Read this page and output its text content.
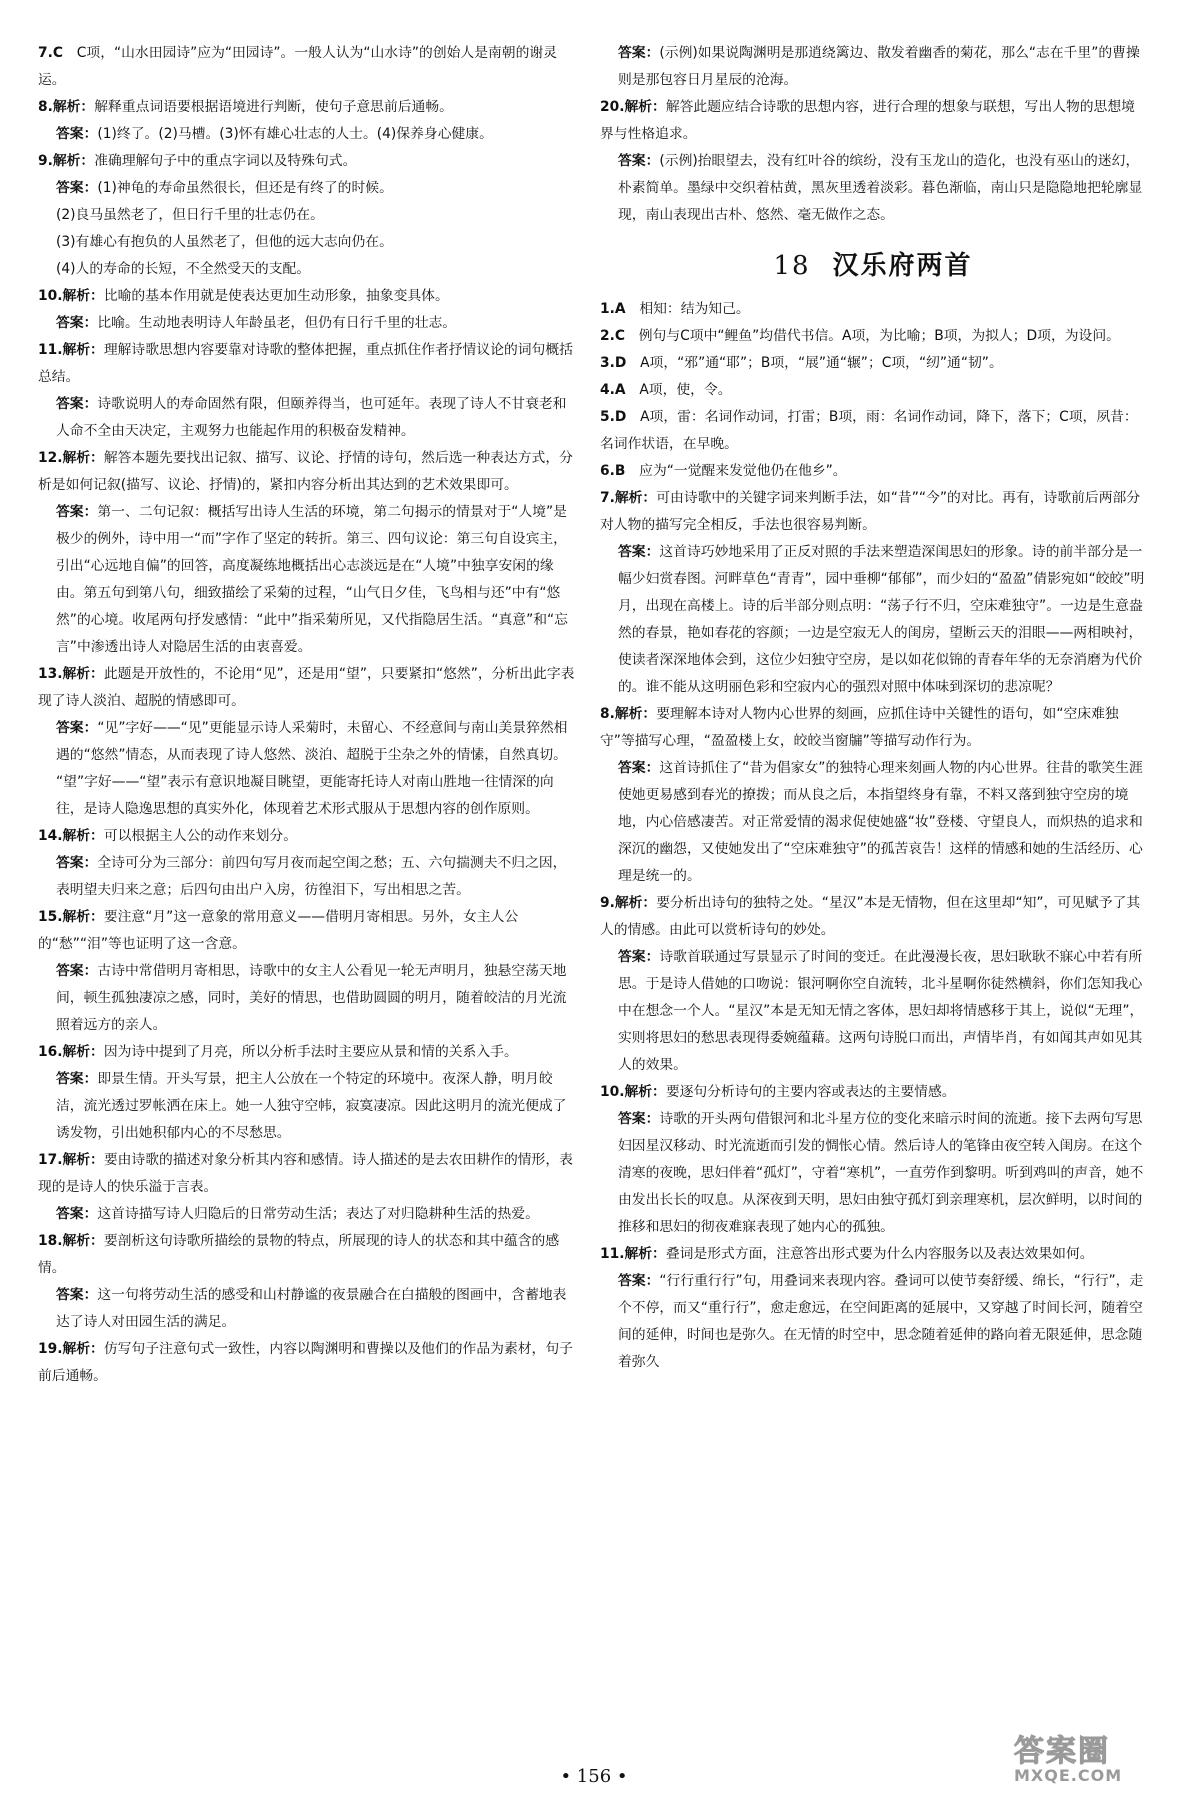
7.C  C项，“山水田园诗”应为“田园诗”。一般人认为“山水诗”的创始人是南朝的谢灵运。

8.解析：解释重点词语要根据语境进行判断，使句子意思前后通畅。

答案：(1)终了。(2)马槽。(3)怀有雄心壮志的人士。(4)保养身心健康。

9.解析：准确理解句子中的重点字词以及特殊句式。

答案：(1)神龟的寿命虽然很长，但还是有终了的时候。

(2)良马虽然老了，但日行千里的壮志仍在。

(3)有雄心有抱负的人虽然老了，但他的远大志向仍在。

(4)人的寿命的长短，不全然受天的支配。

10.解析：比喻的基本作用就是使表达更加生动形象，抽象变具体。

答案：比喻。生动地表明诗人年龄虽老，但仍有日行千里的壮志。

11.解析：理解诗歌思想内容要靠对诗歌的整体把握，重点抓住作者抒情议论的词句概括总结。

答案：诗歌说明人的寿命固然有限，但颐养得当，也可延年。表现了诗人不甘衰老和人命不全由天决定，主观努力也能起作用的积极奋发精神。

12.解析：解答本题先要找出记叙、描写、议论、抒情的诗句，然后选一种表达方式，分析是如何记叙(描写、议论、抒情)的，紧扣内容分析出其达到的艺术效果即可。

答案：第一、二句记叙：概括写出诗人生活的环境，第二句揭示的情景对于“人境”是极少的例外，诗中用一“而”字作了坚定的转折。第三、四句议论：第三句自设宾主，引出“心远地自偏”的回答，高度凝练地概括出心志淡远是在“人境”中独享安闲的缘由。第五句到第八句，细致描绘了采菊的过程，“山气日夕佳，飞鸟相与还”中有“悠然”的心境。收尾两句抒发感情：“此中”指采菊所见，又代指隐居生活。“真意”和“忘言”中渗透出诗人对隐居生活的由衷喜爱。

13.解析：此题是开放性的，不论用“见”，还是用“望”，只要紧扣“悠然”，分析出此字表现了诗人淡泊、超脱的情感即可。

答案：“见”字好——“见”更能显示诗人采菊时，未留心、不经意间与南山美景猝然相遇的“悠然”情态，从而表现了诗人悠然、淡泊、超脱于尘杂之外的情愫，自然真切。

“望”字好——“望”表示有意识地凝目眺望，更能寄托诗人对南山胜地一往情深的向往，是诗人隐逸思想的真实外化，体现着艺术形式服从于思想内容的创作原则。

14.解析：可以根据主人公的动作来划分。

答案：全诗可分为三部分：前四句写月夜而起空闺之愁；五、六句揣测夫不归之因，表明望夫归来之意；后四句由出户入房，彷徨泪下，写出相思之苦。

15.解析：要注意“月”这一意象的常用意义——借明月寄相思。另外，女主人公的“愁”“泪”等也证明了这一含意。

答案：古诗中常借明月寄相思，诗歌中的女主人公看见一轮无声明月，独悬空荡天地间，顿生孤独凄凉之感，同时，美好的情思，也借助圆圆的明月，随着皎洁的月光流照着远方的亲人。

16.解析：因为诗中提到了月亮，所以分析手法时主要应从景和情的关系入手。

答案：即景生情。开头写景，把主人公放在一个特定的环境中。夜深人静，明月皎洁，流光透过罗帐洒在床上。她一人独守空帏，寂寞凄凉。因此这明月的流光便成了诱发物，引出她积郁内心的不尽愁思。

17.解析：要由诗歌的描述对象分析其内容和感情。诗人描述的是去农田耕作的情形，表现的是诗人的快乐溢于言表。

答案：这首诗描写诗人归隐后的日常劳动生活；表达了对归隐耕种生活的热爱。

18.解析：要剖析这句诗歌所描绘的景物的特点，所展现的诗人的状态和其中蕴含的感情。

答案：这一句将劳动生活的感受和山村静谧的夜景融合在白描般的图画中，含蓄地表达了诗人对田园生活的满足。

19.解析：仿写句子注意句式一致性，内容以陶渊明和曹操以及他们的作品为素材，句子前后通畅。

答案：(示例)如果说陶渊明是那逍绕篱边、散发着幽香的菊花，那么“志在千里”的曹操则是那包容日月星辰的沧海。

20.解析：解答此题应结合诗歌的思想内容，进行合理的想象与联想，写出人物的思想境界与性格追求。

答案：(示例)抬眼望去，没有红叶谷的缤纷，没有玉龙山的造化，也没有巫山的迷幻，朴素简单。墨绿中交织着枯黄，黑灰里透着淡彩。暮色渐临，南山只是隐隐地把轮廓显现，南山表现出古朴、悠然、毫无做作之态。

18 汉乐府两首

1.A  相知：结为知己。

2.C  例句与C项中“鲤鱼”均借代书信。A项，为比喻；B项，为拟人；D项，为设问。

3.D  A项，“邪”通“耶”；B项，“展”通“辗”；C项，“纫”通“韧”。

4.A  A项，使，令。

5.D  A项，雷：名词作动词，打雷；B项，雨：名词作动词，降下，落下；C项，夙昔：名词作状语，在早晚。

6.B  应为“一觉醒来发觉他仍在他乡”。

7.解析：可由诗歌中的关键字词来判断手法，如“昔”“今”的对比。再有，诗歌前后两部分对人物的描写完全相反，手法也很容易判断。

答案：这首诗巧妙地采用了正反对照的手法来塑造深闺思妇的形象。诗的前半部分是一幅少妇赏春图。河畔草色“青青”，园中垂柳“郁郁”，而少妇的“盈盈”倩影宛如“皎皎”明月，出现在高楼上。诗的后半部分则点明：“荡子行不归，空床难独守”。一边是生意盎然的春景，艳如春花的容颜；一边是空寂无人的闺房，望断云天的泪眼——两相映衬，使读者深深地体会到，这位少妇独守空房，是以如花似锦的青春年华的无奈消磨为代价的。谁不能从这明丽色彩和空寂内心的强烈对照中体味到深切的悲凉呢？

8.解析：要理解本诗对人物内心世界的刻画，应抓住诗中关键性的语句，如“空床难独守”等描写心理，“盈盈楼上女，皎皎当窗牖”等描写动作行为。

答案：这首诗抓住了“昔为倡家女”的独特心理来刻画人物的内心世界。往昔的歌笑生涯使她更易感到春光的撩拨；而从良之后，本指望终身有靠，不料又落到独守空房的境地，内心倍感凄苦。对正常爱情的渴求促使她盛“妆”登楼、守望良人，而炽热的追求和深沉的幽怨，又使她发出了“空床难独守”的孤苦哀告！这样的情感和她的生活经历、心理是统一的。

9.解析：要分析出诗句的独特之处。“星汉”本是无情物，但在这里却“知”，可见赋予了其人的情感。由此可以赏析诗句的妙处。

答案：诗歌首联通过写景显示了时间的变迁。在此漫漫长夜，思妇耿耿不寐心中若有所思。于是诗人借她的口吻说：银河啊你空自流转，北斗星啊你徒然横斜，你们怎知我心中在想念一个人。“星汉”本是无知无情之客体，思妇却将情感移于其上，说似“无理”，实则将思妇的愁思表现得委婉蕴藉。这两句诗脱口而出，声情毕肖，有如闻其声如见其人的效果。

10.解析：要逐句分析诗句的主要内容或表达的主要情感。

答案：诗歌的开头两句借银河和北斗星方位的变化来暗示时间的流逝。接下去两句写思妇因星汉移动、时光流逝而引发的惆怅心情。然后诗人的笔锋由夜空转入闺房。在这个清寒的夜晚，思妇伴着“孤灯”，守着“寒机”，一直劳作到黎明。听到鸡叫的声音，她不由发出长长的叹息。从深夜到天明，思妇由独守孤灯到亲理寒机，层次鲜明，以时间的推移和思妇的彻夜难寐表现了她内心的孤独。

11.解析：叠词是形式方面，注意答出形式要为什么内容服务以及表达效果如何。

答案：“行行重行行”句，用叠词来表现内容。叠词可以使节奏舒缓、绵长，“行行”，走个不停，而又“重行行”，愈走愈远，在空间距离的延展中，又穿越了时间长河，随着空间的延伸，时间也是弥久。在无情的时空中，思念随着延伸的路向着无限延伸，思念随着弥久

• 156 •
答案圈
MXQE.COM
